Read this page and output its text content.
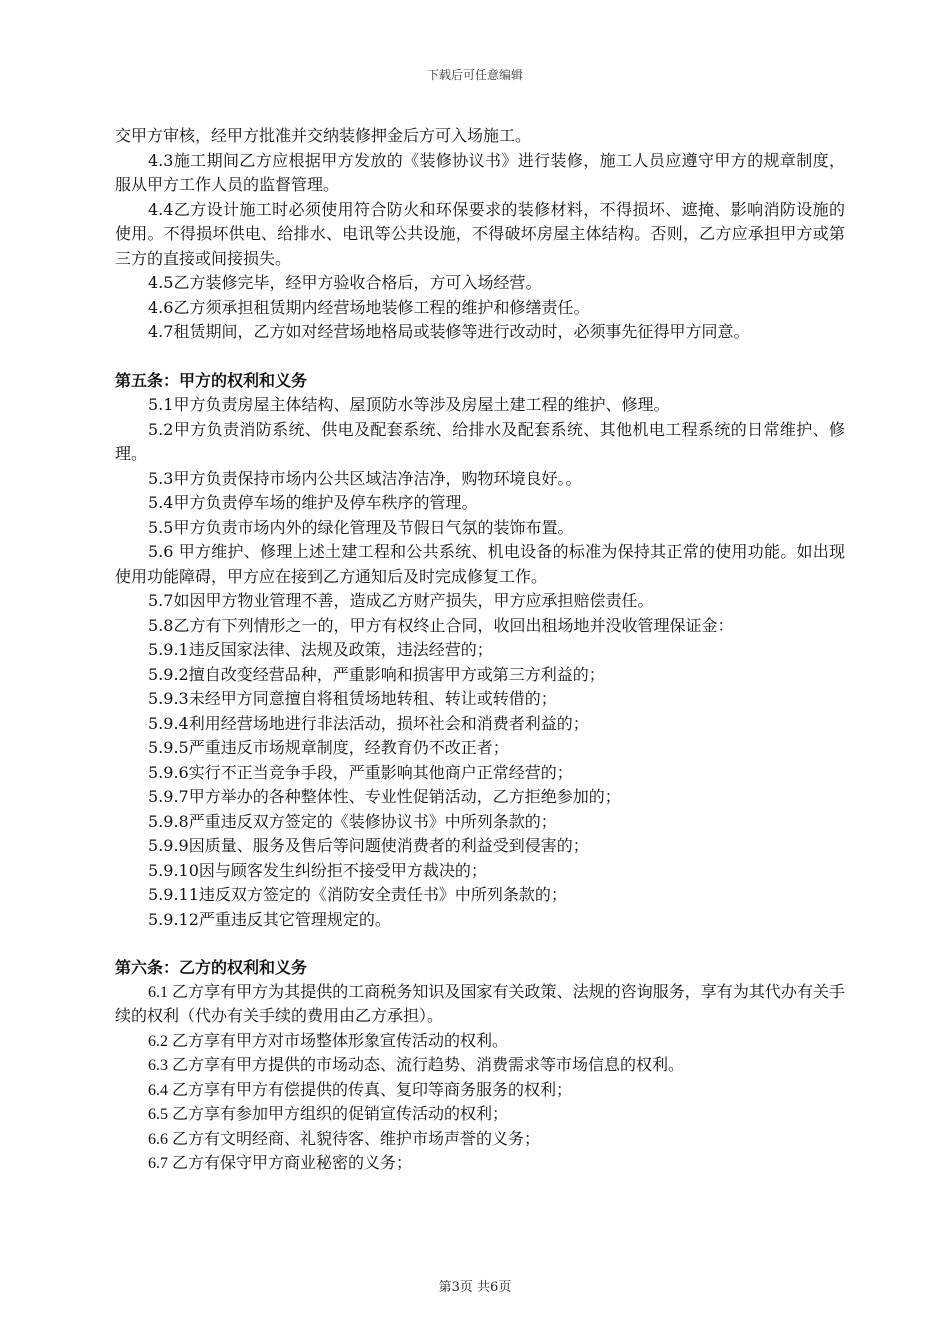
下载后可任意编辑

交甲方审核，经甲方批准并交纳装修押金后方可入场施工。

4.3施工期间乙方应根据甲方发放的《装修协议书》进行装修，施工人员应遵守甲方的规章制度，服从甲方工作人员的监督管理。

4.4乙方设计施工时必须使用符合防火和环保要求的装修材料，不得损坏、遮掩、影响消防设施的使用。不得损坏供电、给排水、电讯等公共设施，不得破坏房屋主体结构。否则，乙方应承担甲方或第三方的直接或间接损失。

4.5乙方装修完毕，经甲方验收合格后，方可入场经营。

4.6乙方须承担租赁期内经营场地装修工程的维护和修缮责任。

4.7租赁期间，乙方如对经营场地格局或装修等进行改动时，必须事先征得甲方同意。

第五条：甲方的权利和义务

5.1甲方负责房屋主体结构、屋顶防水等涉及房屋土建工程的维护、修理。

5.2甲方负责消防系统、供电及配套系统、给排水及配套系统、其他机电工程系统的日常维护、修理。

5.3甲方负责保持市场内公共区域洁净洁净，购物环境良好。。

5.4甲方负责停车场的维护及停车秩序的管理。

5.5甲方负责市场内外的绿化管理及节假日气氛的装饰布置。

5.6 甲方维护、修理上述土建工程和公共系统、机电设备的标准为保持其正常的使用功能。如出现使用功能障碍，甲方应在接到乙方通知后及时完成修复工作。

5.7如因甲方物业管理不善，造成乙方财产损失，甲方应承担赔偿责任。

5.8乙方有下列情形之一的，甲方有权终止合同，收回出租场地并没收管理保证金：

5.9.1违反国家法律、法规及政策，违法经营的；

5.9.2擅自改变经营品种，严重影响和损害甲方或第三方利益的；

5.9.3未经甲方同意擅自将租赁场地转租、转让或转借的；

5.9.4利用经营场地进行非法活动，损坏社会和消费者利益的；

5.9.5严重违反市场规章制度，经教育仍不改正者；

5.9.6实行不正当竞争手段，严重影响其他商户正常经营的；

5.9.7甲方举办的各种整体性、专业性促销活动，乙方拒绝参加的；

5.9.8严重违反双方签定的《装修协议书》中所列条款的；

5.9.9因质量、服务及售后等问题使消费者的利益受到侵害的；

5.9.10因与顾客发生纠纷拒不接受甲方裁决的；

5.9.11违反双方签定的《消防安全责任书》中所列条款的；

5.9.12严重违反其它管理规定的。

第六条：乙方的权利和义务

6.1 乙方享有甲方为其提供的工商税务知识及国家有关政策、法规的咨询服务，享有为其代办有关手续的权利（代办有关手续的费用由乙方承担）。

6.2 乙方享有甲方对市场整体形象宣传活动的权利。

6.3 乙方享有甲方提供的市场动态、流行趋势、消费需求等市场信息的权利。

6.4 乙方享有甲方有偿提供的传真、复印等商务服务的权利；

6.5 乙方享有参加甲方组织的促销宣传活动的权利；

6.6 乙方有文明经商、礼貌待客、维护市场声誉的义务；

6.7 乙方有保守甲方商业秘密的义务；

第3页 共6页
